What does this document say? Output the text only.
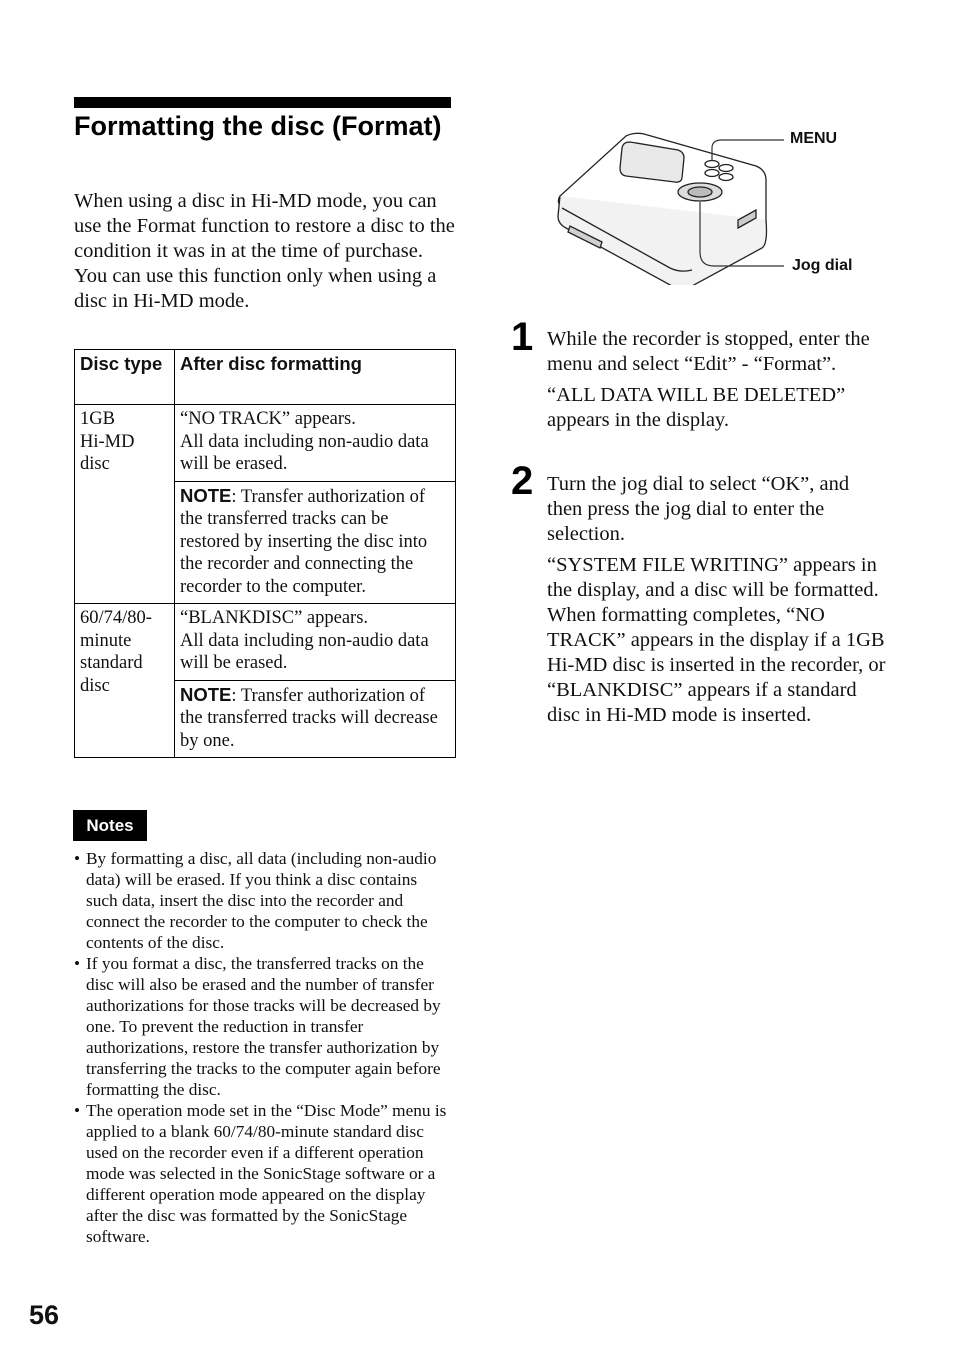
Formatting the disc (Format)

When using a disc in Hi-MD mode, you can use the Format function to restore a disc to the condition it was in at the time of purchase.

You can use this function only when using a disc in Hi-MD mode.

Disc type	After disc formatting
1GB
Hi-MD
disc	“NO TRACK” appears.
All data including non-audio data will be erased.
	NOTE: Transfer authorization of the transferred tracks can be restored by inserting the disc into the recorder and connecting the recorder to the computer.
60/74/80-minute standard disc	“BLANKDISC” appears.
All data including non-audio data will be erased.
	NOTE: Transfer authorization of the transferred tracks will decrease by one.
Notes
• By formatting a disc, all data (including non-audio data) will be erased. If you think a disc contains such data, insert the disc into the recorder and connect the recorder to the computer to check the contents of the disc.
• If you format a disc, the transferred tracks on the disc will also be erased and the number of transfer authorizations for those tracks will be decreased by one. To prevent the reduction in transfer authorizations, restore the transfer authorization by transferring the tracks to the computer again before formatting the disc.
• The operation mode set in the “Disc Mode” menu is applied to a blank 60/74/80-minute standard disc used on the recorder even if a different operation mode was selected in the SonicStage software or a different operation mode appeared on the display after the disc was formatted by the SonicStage software.
MENU
Jog dial
1 While the recorder is stopped, enter the menu and select “Edit” - “Format”.

“ALL DATA WILL BE DELETED” appears in the display.

2 Turn the jog dial to select “OK”, and then press the jog dial to enter the selection.

“SYSTEM FILE WRITING” appears in the display, and a disc will be formatted.

When formatting completes, “NO TRACK” appears in the display if a 1GB Hi-MD disc is inserted in the recorder, or “BLANKDISC” appears if a standard disc in Hi-MD mode is inserted.

56
